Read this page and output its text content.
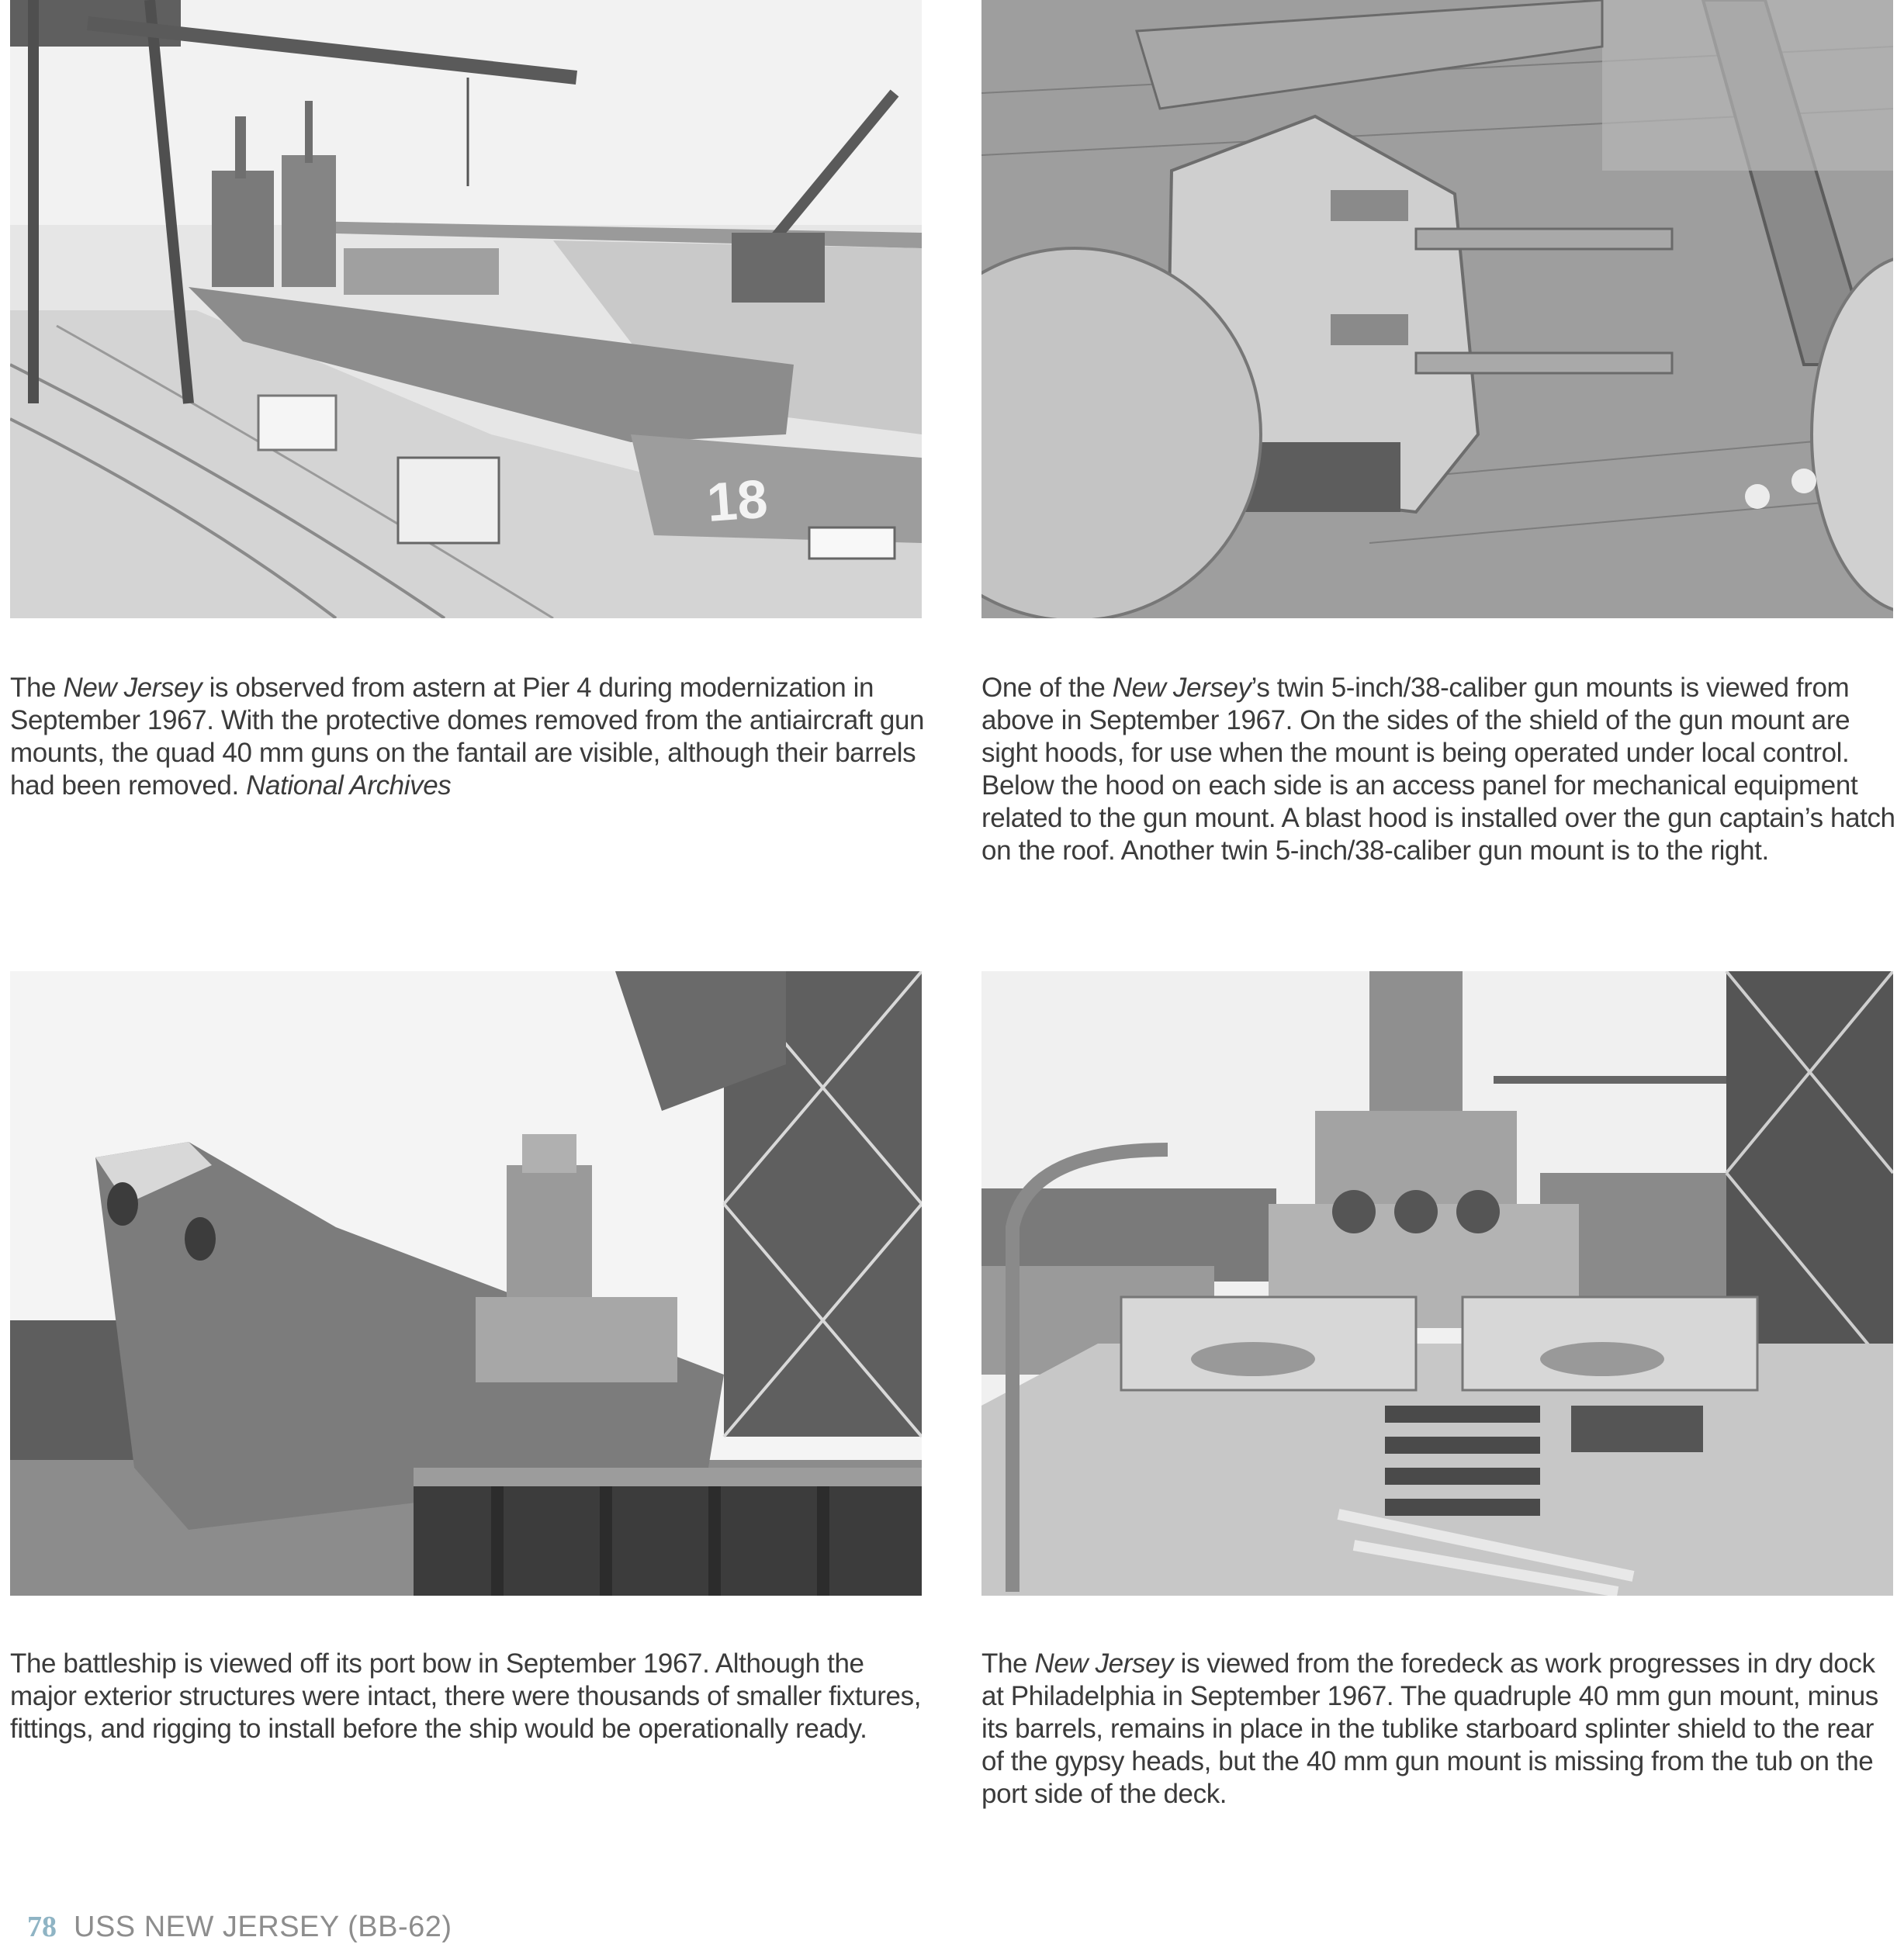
18
The New Jersey is observed from astern at Pier 4 during modernization in September 1967. With the protective domes removed from the antiaircraft gun mounts, the quad 40 mm guns on the fantail are visible, although their barrels had been removed. National Archives
One of the New Jersey’s twin 5-inch/38-caliber gun mounts is viewed from above in September 1967. On the sides of the shield of the gun mount are sight hoods, for use when the mount is being operated under local control. Below the hood on each side is an access panel for mechanical equipment related to the gun mount. A blast hood is installed over the gun captain’s hatch on the roof. Another twin 5-inch/38-caliber gun mount is to the right.
The battleship is viewed off its port bow in September 1967. Although the major exterior structures were intact, there were thousands of smaller fixtures, fittings, and rigging to install before the ship would be operationally ready.
The New Jersey is viewed from the foredeck as work progresses in dry dock at Philadelphia in September 1967. The quadruple 40 mm gun mount, minus its barrels, remains in place in the tublike starboard splinter shield to the rear of the gypsy heads, but the 40 mm gun mount is missing from the tub on the port side of the deck.
78 USS NEW JERSEY (BB-62)
